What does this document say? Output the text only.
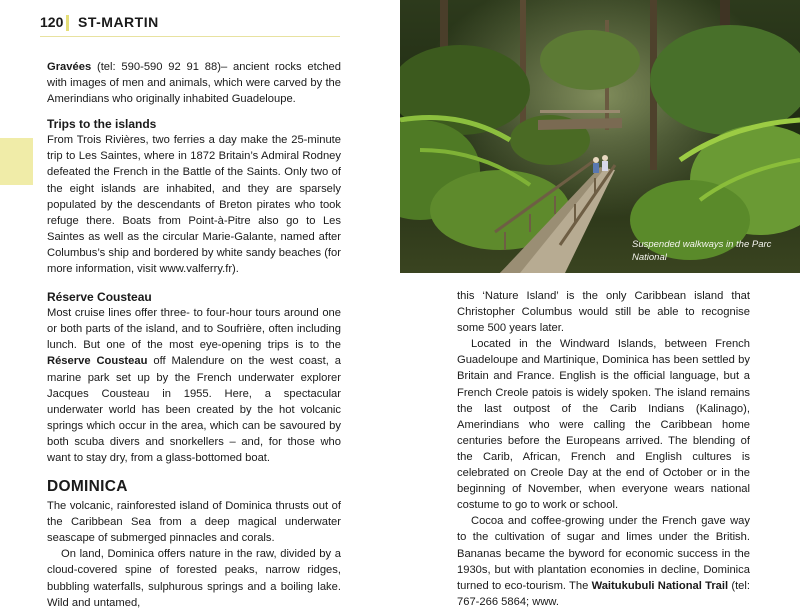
120 ST-MARTIN

Gravées (tel: 590-590 92 91 88)– ancient rocks etched with images of men and animals, which were carved by the Amerindians who originally inhabited Guadeloupe.

Trips to the islands

From Trois Rivières, two ferries a day make the 25-minute trip to Les Saintes, where in 1872 Britain’s Admiral Rodney defeated the French in the Battle of the Saints. Only two of the eight islands are inhabited, and they are sparsely populated by the descendants of Breton pirates who took refuge there. Boats from Point-à-Pitre also go to Les Saintes as well as the circular Marie-Galante, named after Columbus’s ship and bordered by white sandy beaches (for more information, visit www.valferry.fr).

Réserve Cousteau

Most cruise lines offer three- to four-hour tours around one or both parts of the island, and to Soufrière, often including lunch. But one of the most eye-opening trips is to the Réserve Cousteau off Malendure on the west coast, a marine park set up by the French underwater explorer Jacques Cousteau in 1955. Here, a spectacular underwater world has been created by the hot volcanic springs which occur in the area, which can be savoured by both scuba divers and snorkellers – and, for those who want to stay dry, from a glass-bottomed boat.

DOMINICA

The volcanic, rainforested island of Dominica thrusts out of the Caribbean Sea from a deep magical underwater seascape of submerged pinnacles and corals.

On land, Dominica offers nature in the raw, divided by a cloud-covered spine of forested peaks, narrow ridges, bubbling waterfalls, sulphurous springs and a boiling lake. Wild and untamed,

Suspended walkways in the Parc National

this ‘Nature Island’ is the only Caribbean island that Christopher Columbus would still be able to recognise some 500 years later.

Located in the Windward Islands, between French Guadeloupe and Martinique, Dominica has been settled by Britain and France. English is the official language, but a French Creole patois is widely spoken. The island remains the last outpost of the Carib Indians (Kalinago), Amerindians who were calling the Caribbean home centuries before the Europeans arrived. The blending of the Carib, African, French and English cultures is celebrated on Creole Day at the end of October or in the beginning of November, when everyone wears national costume to go to work or school.

Cocoa and coffee-growing under the French gave way to the cultivation of sugar and limes under the British. Bananas became the byword for economic success in the 1930s, but with plantation economies in decline, Dominica turned to eco-tourism. The Waitukubuli National Trail (tel: 767-266 5864; www.
